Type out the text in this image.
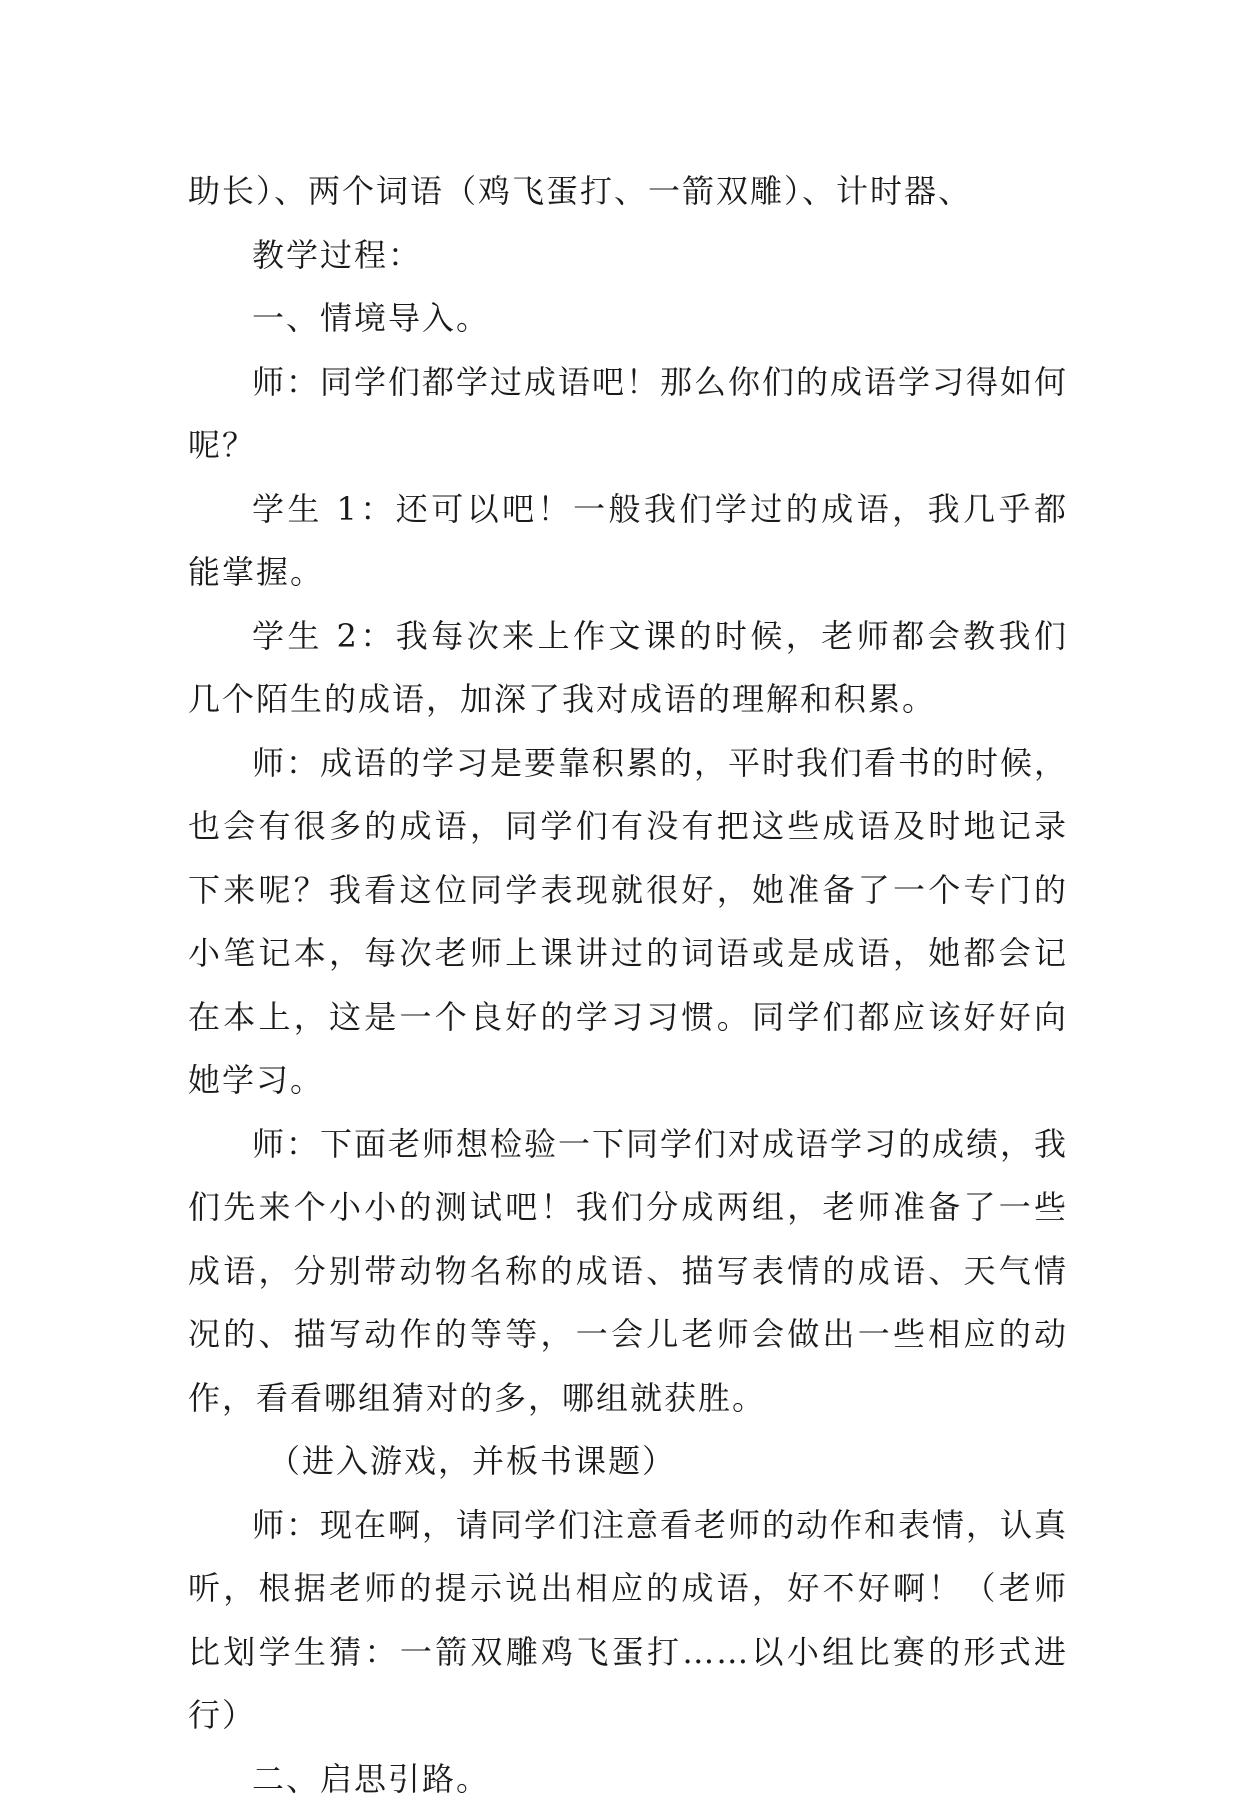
助长）、两个词语（鸡飞蛋打、一箭双雕）、计时器、

教学过程：

一、情境导入。

师：同学们都学过成语吧！那么你们的成语学习得如何呢？

学生 1：还可以吧！一般我们学过的成语，我几乎都能掌握。

学生 2：我每次来上作文课的时候，老师都会教我们几个陌生的成语，加深了我对成语的理解和积累。

师：成语的学习是要靠积累的，平时我们看书的时候，也会有很多的成语，同学们有没有把这些成语及时地记录下来呢？我看这位同学表现就很好，她准备了一个专门的小笔记本，每次老师上课讲过的词语或是成语，她都会记在本上，这是一个良好的学习习惯。同学们都应该好好向她学习。

师：下面老师想检验一下同学们对成语学习的成绩，我们先来个小小的测试吧！我们分成两组，老师准备了一些成语，分别带动物名称的成语、描写表情的成语、天气情况的、描写动作的等等，一会儿老师会做出一些相应的动作，看看哪组猜对的多，哪组就获胜。

（进入游戏，并板书课题）

师：现在啊，请同学们注意看老师的动作和表情，认真听，根据老师的提示说出相应的成语，好不好啊！（老师比划学生猜：一箭双雕鸡飞蛋打……以小组比赛的形式进行）

二、启思引路。
